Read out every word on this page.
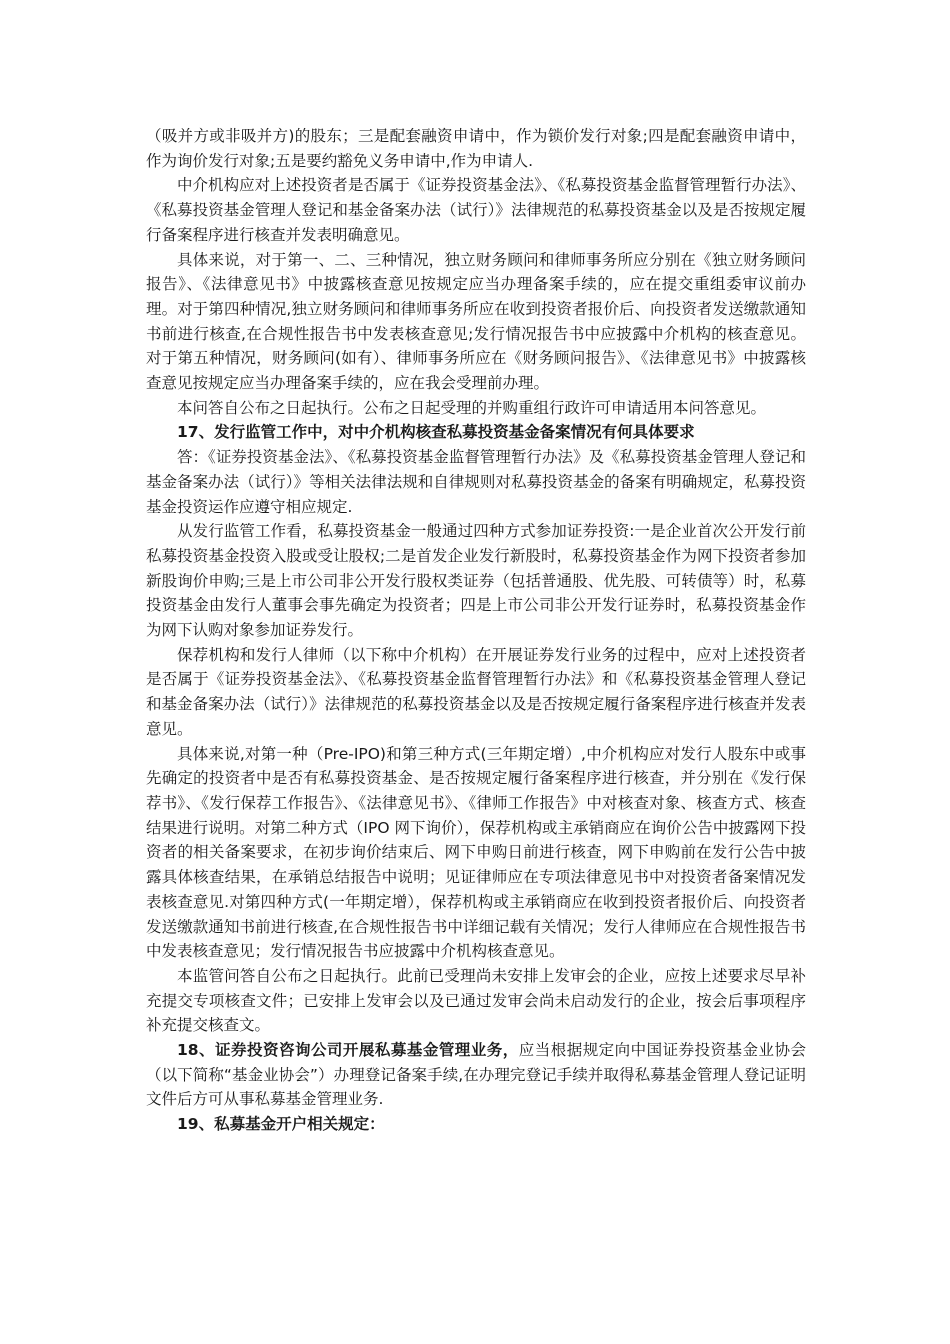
（吸并方或非吸并方)的股东；三是配套融资申请中，作为锁价发行对象;四是配套融资申请中，作为询价发行对象;五是要约豁免义务申请中,作为申请人.

中介机构应对上述投资者是否属于《证券投资基金法》、《私募投资基金监督管理暂行办法》、《私募投资基金管理人登记和基金备案办法（试行）》法律规范的私募投资基金以及是否按规定履行备案程序进行核查并发表明确意见。

具体来说，对于第一、二、三种情况，独立财务顾问和律师事务所应分别在《独立财务顾问报告》、《法律意见书》中披露核查意见按规定应当办理备案手续的，应在提交重组委审议前办理。对于第四种情况,独立财务顾问和律师事务所应在收到投资者报价后、向投资者发送缴款通知书前进行核查,在合规性报告书中发表核查意见;发行情况报告书中应披露中介机构的核查意见。对于第五种情况，财务顾问(如有）、律师事务所应在《财务顾问报告》、《法律意见书》中披露核查意见按规定应当办理备案手续的，应在我会受理前办理。

本问答自公布之日起执行。公布之日起受理的并购重组行政许可申请适用本问答意见。

17、发行监管工作中，对中介机构核查私募投资基金备案情况有何具体要求

答：《证券投资基金法》、《私募投资基金监督管理暂行办法》及《私募投资基金管理人登记和基金备案办法（试行）》等相关法律法规和自律规则对私募投资基金的备案有明确规定，私募投资基金投资运作应遵守相应规定.

从发行监管工作看，私募投资基金一般通过四种方式参加证券投资:一是企业首次公开发行前私募投资基金投资入股或受让股权;二是首发企业发行新股时，私募投资基金作为网下投资者参加新股询价申购;三是上市公司非公开发行股权类证券（包括普通股、优先股、可转债等）时，私募投资基金由发行人董事会事先确定为投资者；四是上市公司非公开发行证券时，私募投资基金作为网下认购对象参加证券发行。

保荐机构和发行人律师（以下称中介机构）在开展证券发行业务的过程中，应对上述投资者是否属于《证券投资基金法》、《私募投资基金监督管理暂行办法》和《私募投资基金管理人登记和基金备案办法（试行）》法律规范的私募投资基金以及是否按规定履行备案程序进行核查并发表意见。

具体来说,对第一种（Pre-IPO)和第三种方式(三年期定增）,中介机构应对发行人股东中或事先确定的投资者中是否有私募投资基金、是否按规定履行备案程序进行核查，并分别在《发行保荐书》、《发行保荐工作报告》、《法律意见书》、《律师工作报告》中对核查对象、核查方式、核查结果进行说明。对第二种方式（IPO 网下询价），保荐机构或主承销商应在询价公告中披露网下投资者的相关备案要求，在初步询价结束后、网下申购日前进行核查，网下申购前在发行公告中披露具体核查结果，在承销总结报告中说明；见证律师应在专项法律意见书中对投资者备案情况发表核查意见.对第四种方式(一年期定增），保荐机构或主承销商应在收到投资者报价后、向投资者发送缴款通知书前进行核查,在合规性报告书中详细记载有关情况；发行人律师应在合规性报告书中发表核查意见；发行情况报告书应披露中介机构核查意见。

本监管问答自公布之日起执行。此前已受理尚未安排上发审会的企业，应按上述要求尽早补充提交专项核查文件；已安排上发审会以及已通过发审会尚未启动发行的企业，按会后事项程序补充提交核查文。

18、证券投资咨询公司开展私募基金管理业务，应当根据规定向中国证券投资基金业协会（以下简称“基金业协会”）办理登记备案手续,在办理完登记手续并取得私募基金管理人登记证明文件后方可从事私募基金管理业务.

19、私募基金开户相关规定：
